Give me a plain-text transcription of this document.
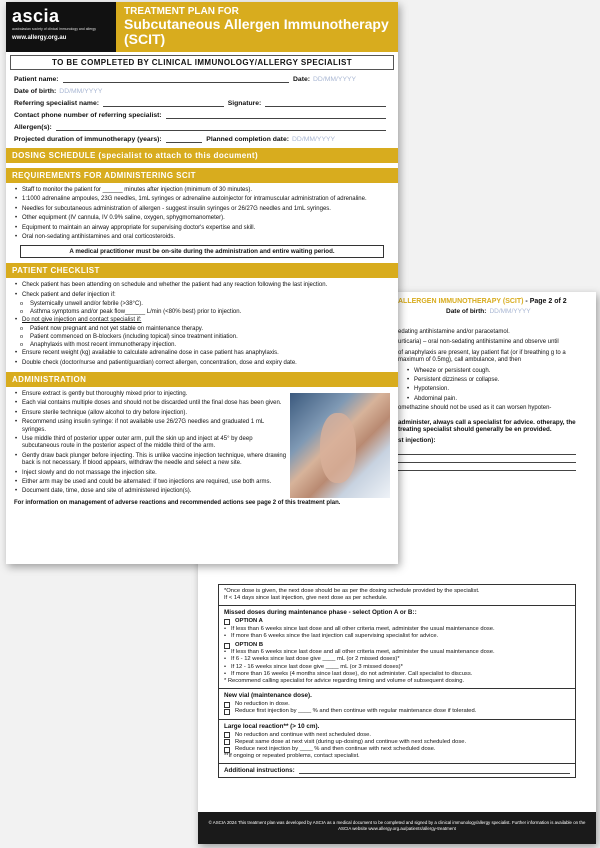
ALLERGEN IMMUNOTHERAPY (SCIT) - Page 2 of 2
Date of birth: DD/MM/YYYY
edating antihistamine and/or paracetamol.
urticaria) – oral non-sedating antihistamine and observe until
of anaphylaxis are present, lay patient flat (or if breathing g to a maximum of 0.5mg), call ambulance, and then
• Wheeze or persistent cough.
• Persistent dizziness or collapse.
• Hypotension.
• Abdominal pain.
omethazine should not be used as it can worsen hypoten-
administer, always call a specialist for advice. otherapy, the treating specialist should generally be en provided.
st injection):
*Once dose is given, the next dose should be as per the dosing schedule provided by the specialist.
If < 14 days since last injection, give next dose as per schedule.
Missed doses during maintenance phase - select Option A or B::
OPTION A
• If less than 6 weeks since last dose and all other criteria meet, administer the usual maintenance dose.
• If more than 6 weeks since the last injection call supervising specialist for advice.
OPTION B
• If less than 6 weeks since last dose and all other criteria meet, administer the usual maintenance dose.
• If 6 - 12 weeks since last dose give ____ mL (or 2 missed doses)*
• If 12 - 16 weeks since last dose give ____ mL (or 3 missed doses)*
• If more than 16 weeks (4 months since last dose), do not administer. Call specialist to discuss.
* Recommend calling specialist for advice regarding timing and volume of subsequent dosing.
New vial (maintenance dose).
No reduction in dose.
Reduce first injection by ____ % and then continue with regular maintenance dose if tolerated.
Large local reaction** (> 10 cm).
No reduction and continue with next scheduled dose.
Repeat same dose at next visit (during up-dosing) and continue with next scheduled dose.
Reduce next injection by ____ % and then continue with next scheduled dose.
**If ongoing or repeated problems, contact specialist.
Additional instructions:
© ASCIA 2024 This treatment plan was developed by ASCIA as a medical document to be completed and signed by a clinical immunology/allergy specialist. Further information is available on the ASCIA website www.allergy.org.au/patients/allergy-treatment
ascia
australasian society of clinical immunology and allergy
www.allergy.org.au
TREATMENT PLAN FOR
Subcutaneous Allergen Immunotherapy (SCIT)
TO BE COMPLETED BY CLINICAL IMMUNOLOGY/ALLERGY SPECIALIST
Patient name:	Date: DD/MM/YYYY
Date of birth: DD/MM/YYYY
Referring specialist name:	Signature:
Contact phone number of referring specialist:
Allergen(s):
Projected duration of immunotherapy (years):	Planned completion date: DD/MM/YYYY
DOSING SCHEDULE (specialist to attach to this document)
REQUIREMENTS FOR ADMINISTERING SCIT
• Staff to monitor the patient for ______ minutes after injection (minimum of 30 minutes).
• 1:1000 adrenaline ampoules, 23G needles, 1mL syringes or adrenaline autoinjector for intramuscular administration of adrenaline.
• Needles for subcutaneous administration of allergen - suggest insulin syringes or 26/27G needles and 1mL syringes.
• Other equipment (IV cannula, IV 0.9% saline, oxygen, sphygmomanometer).
• Equipment to maintain an airway appropriate for supervising doctor's expertise and skill.
• Oral non-sedating antihistamines and oral corticosteroids.
A medical practitioner must be on-site during the administration and entire waiting period.
PATIENT CHECKLIST
• Check patient has been attending on schedule and whether the patient had any reaction following the last injection.
• Check patient and defer injection if:
o Systemically unwell and/or febrile (>38°C).
o Asthma symptoms and/or peak flow______ L/min (<80% best) prior to injection.
• Do not give injection and contact specialist if:
o Patient now pregnant and not yet stable on maintenance therapy.
o Patient commenced on B-blockers (including topical) since treatment initiation.
o Anaphylaxis with most recent immunotherapy injection.
• Ensure recent weight (kg) available to calculate adrenaline dose in case patient has anaphylaxis.
• Double check (doctor/nurse and patient/guardian) correct allergen, concentration, dose and expiry date.
ADMINISTRATION
• Ensure extract is gently but thoroughly mixed prior to injecting.
• Each vial contains multiple doses and should not be discarded until the final dose has been given.
• Ensure sterile technique (allow alcohol to dry before injection).
• Recommend using insulin syringe: if not available use 26/27G needles and graduated 1 mL syringes.
• Use middle third of posterior upper outer arm, pull the skin up and inject at 45° by deep subcutaneous route in the posterior aspect of the middle third of the arm.
• Gently draw back plunger before injecting. This is unlike vaccine injection technique, where drawing back is not necessary. If blood appears, withdraw the needle and select a new site.
• Inject slowly and do not massage the injection site.
• Either arm may be used and could be alternated: if two injections are required, use both arms.
• Document date, time, dose and site of administered injection(s).
For information on management of adverse reactions and recommended actions see page 2 of this treatment plan.
